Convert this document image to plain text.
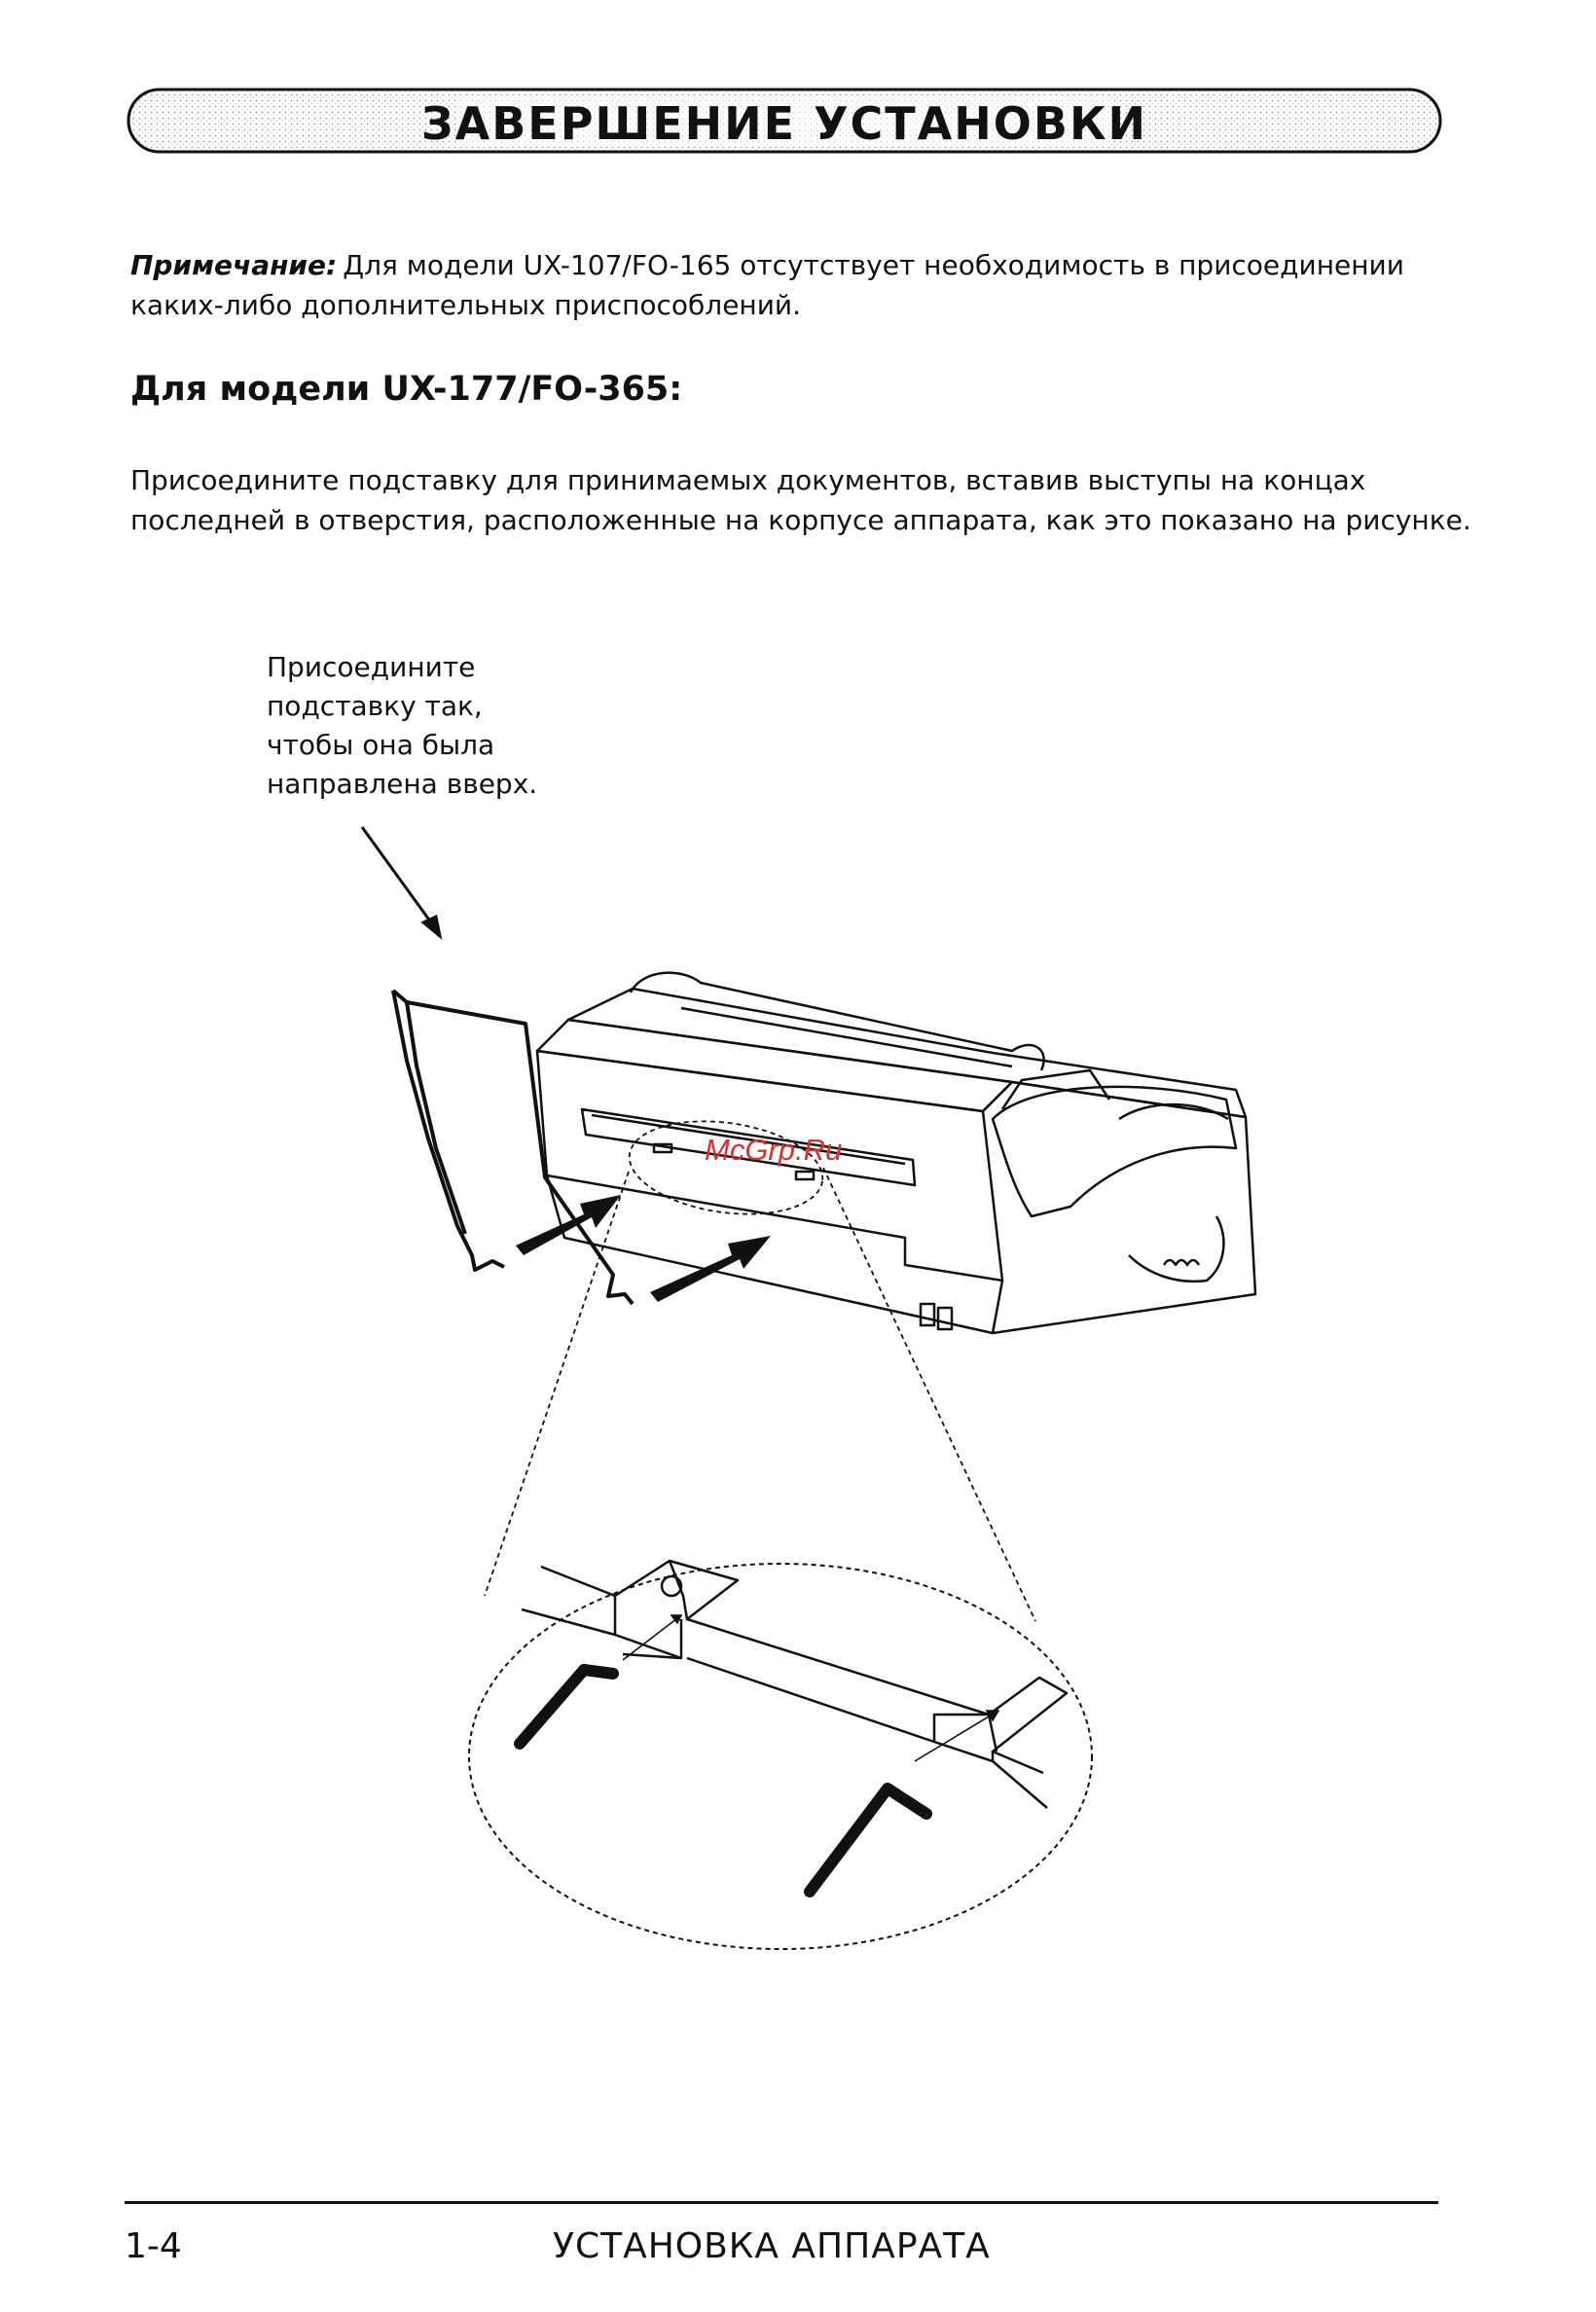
ЗАВЕРШЕНИЕ УСТАНОВКИ
Примечание: Для модели UX-107/FO-165 отсутствует необходимость в присоединении каких-либо дополнительных приспособлений.
Для модели UX-177/FO-365:
Присоедините подставку для принимаемых документов, вставив выступы на концах последней в отверстия, расположенные на корпусе аппарата, как это показано на рисунке.
Присоедините подставку так, чтобы она была направлена вверх.
McGrp.Ru
1-4	УСТАНОВКА АППАРАТА
